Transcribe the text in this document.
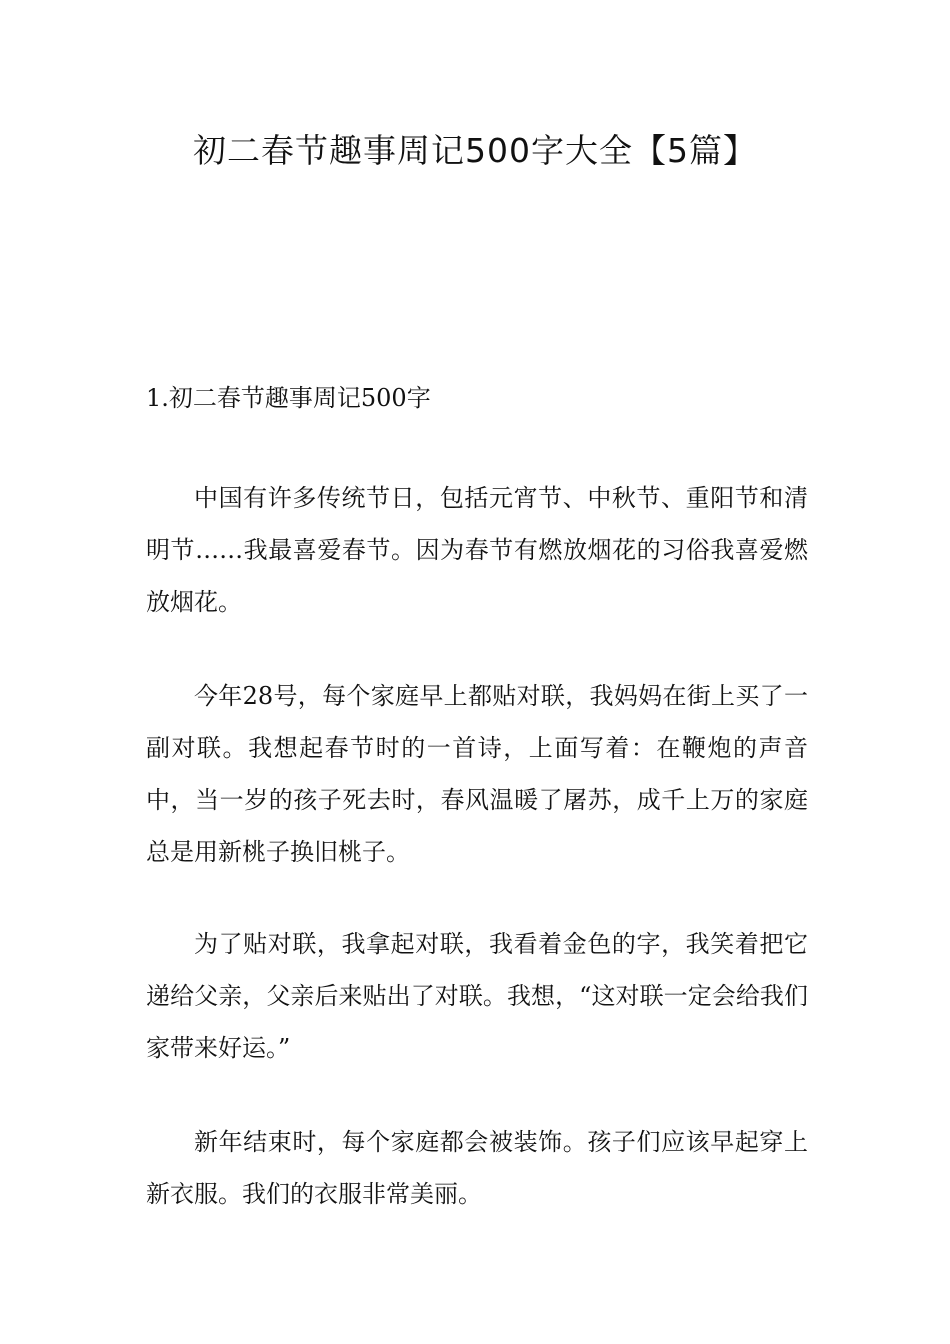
初二春节趣事周记500字大全【5篇】
1.初二春节趣事周记500字

中国有许多传统节日，包括元宵节、中秋节、重阳节和清明节……我最喜爱春节。因为春节有燃放烟花的习俗我喜爱燃放烟花。

今年28号，每个家庭早上都贴对联，我妈妈在街上买了一副对联。我想起春节时的一首诗，上面写着：在鞭炮的声音中，当一岁的孩子死去时，春风温暖了屠苏，成千上万的家庭总是用新桃子换旧桃子。

为了贴对联，我拿起对联，我看着金色的字，我笑着把它递给父亲，父亲后来贴出了对联。我想，“这对联一定会给我们家带来好运。”

新年结束时，每个家庭都会被装饰。孩子们应该早起穿上新衣服。我们的衣服非常美丽。
